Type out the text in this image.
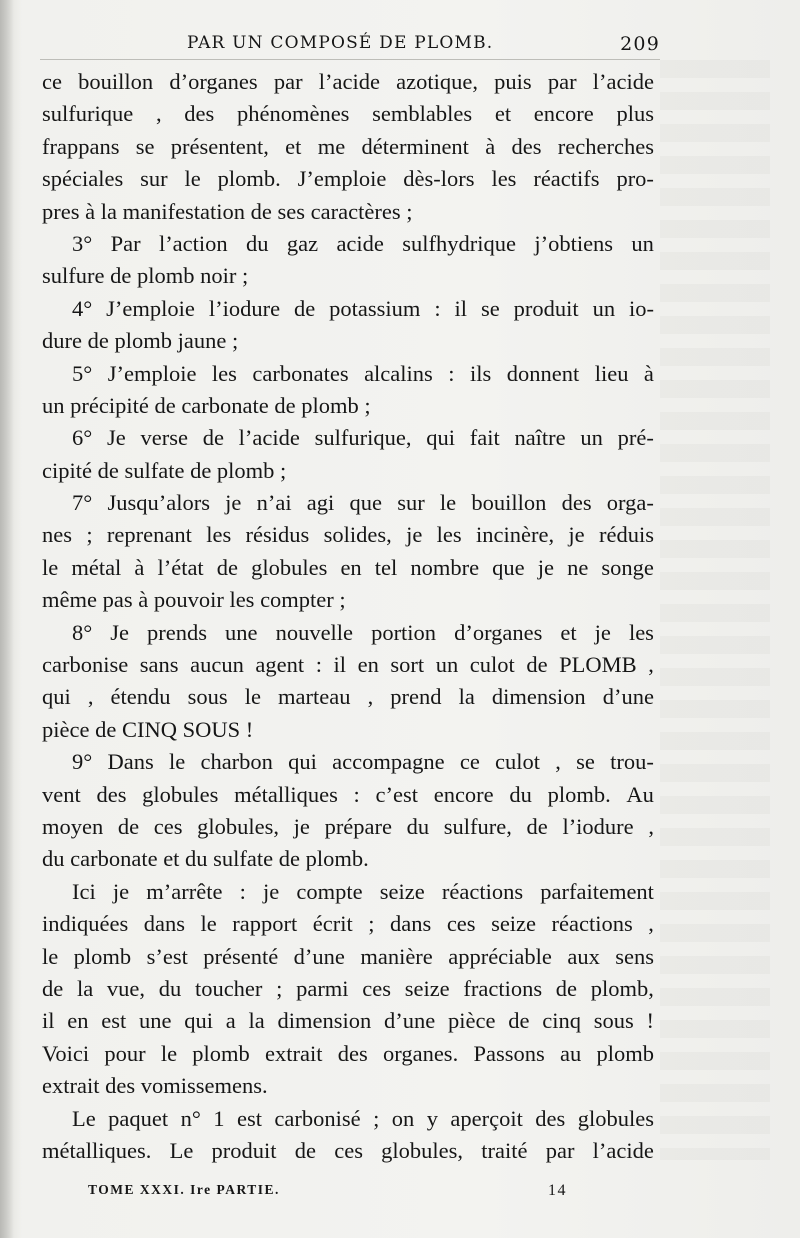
PAR UN COMPOSÉ DE PLOMB.	209
ce bouillon d’organes par l’acide azotique, puis par l’acide
sulfurique , des phénomènes semblables et encore plus
frappans se présentent, et me déterminent à des recherches
spéciales sur le plomb. J’emploie dès-lors les réactifs pro-
pres à la manifestation de ses caractères ;
3° Par l’action du gaz acide sulfhydrique j’obtiens un
sulfure de plomb noir ;
4° J’emploie l’iodure de potassium : il se produit un io-
dure de plomb jaune ;
5° J’emploie les carbonates alcalins : ils donnent lieu à
un précipité de carbonate de plomb ;
6° Je verse de l’acide sulfurique, qui fait naître un pré-
cipité de sulfate de plomb ;
7° Jusqu’alors je n’ai agi que sur le bouillon des orga-
nes ; reprenant les résidus solides, je les incinère, je réduis
le métal à l’état de globules en tel nombre que je ne songe
même pas à pouvoir les compter ;
8° Je prends une nouvelle portion d’organes et je les
carbonise sans aucun agent : il en sort un culot de PLOMB ,
qui , étendu sous le marteau , prend la dimension d’une
pièce de CINQ SOUS !
9° Dans le charbon qui accompagne ce culot , se trou-
vent des globules métalliques : c’est encore du plomb. Au
moyen de ces globules, je prépare du sulfure, de l’iodure ,
du carbonate et du sulfate de plomb.
Ici je m’arrête : je compte seize réactions parfaitement
indiquées dans le rapport écrit ; dans ces seize réactions ,
le plomb s’est présenté d’une manière appréciable aux sens
de la vue, du toucher ; parmi ces seize fractions de plomb,
il en est une qui a la dimension d’une pièce de cinq sous !
Voici pour le plomb extrait des organes. Passons au plomb
extrait des vomissemens.
Le paquet n° 1 est carbonisé ; on y aperçoit des globules
métalliques. Le produit de ces globules, traité par l’acide
TOME XXXI. Ire PARTIE.	14
